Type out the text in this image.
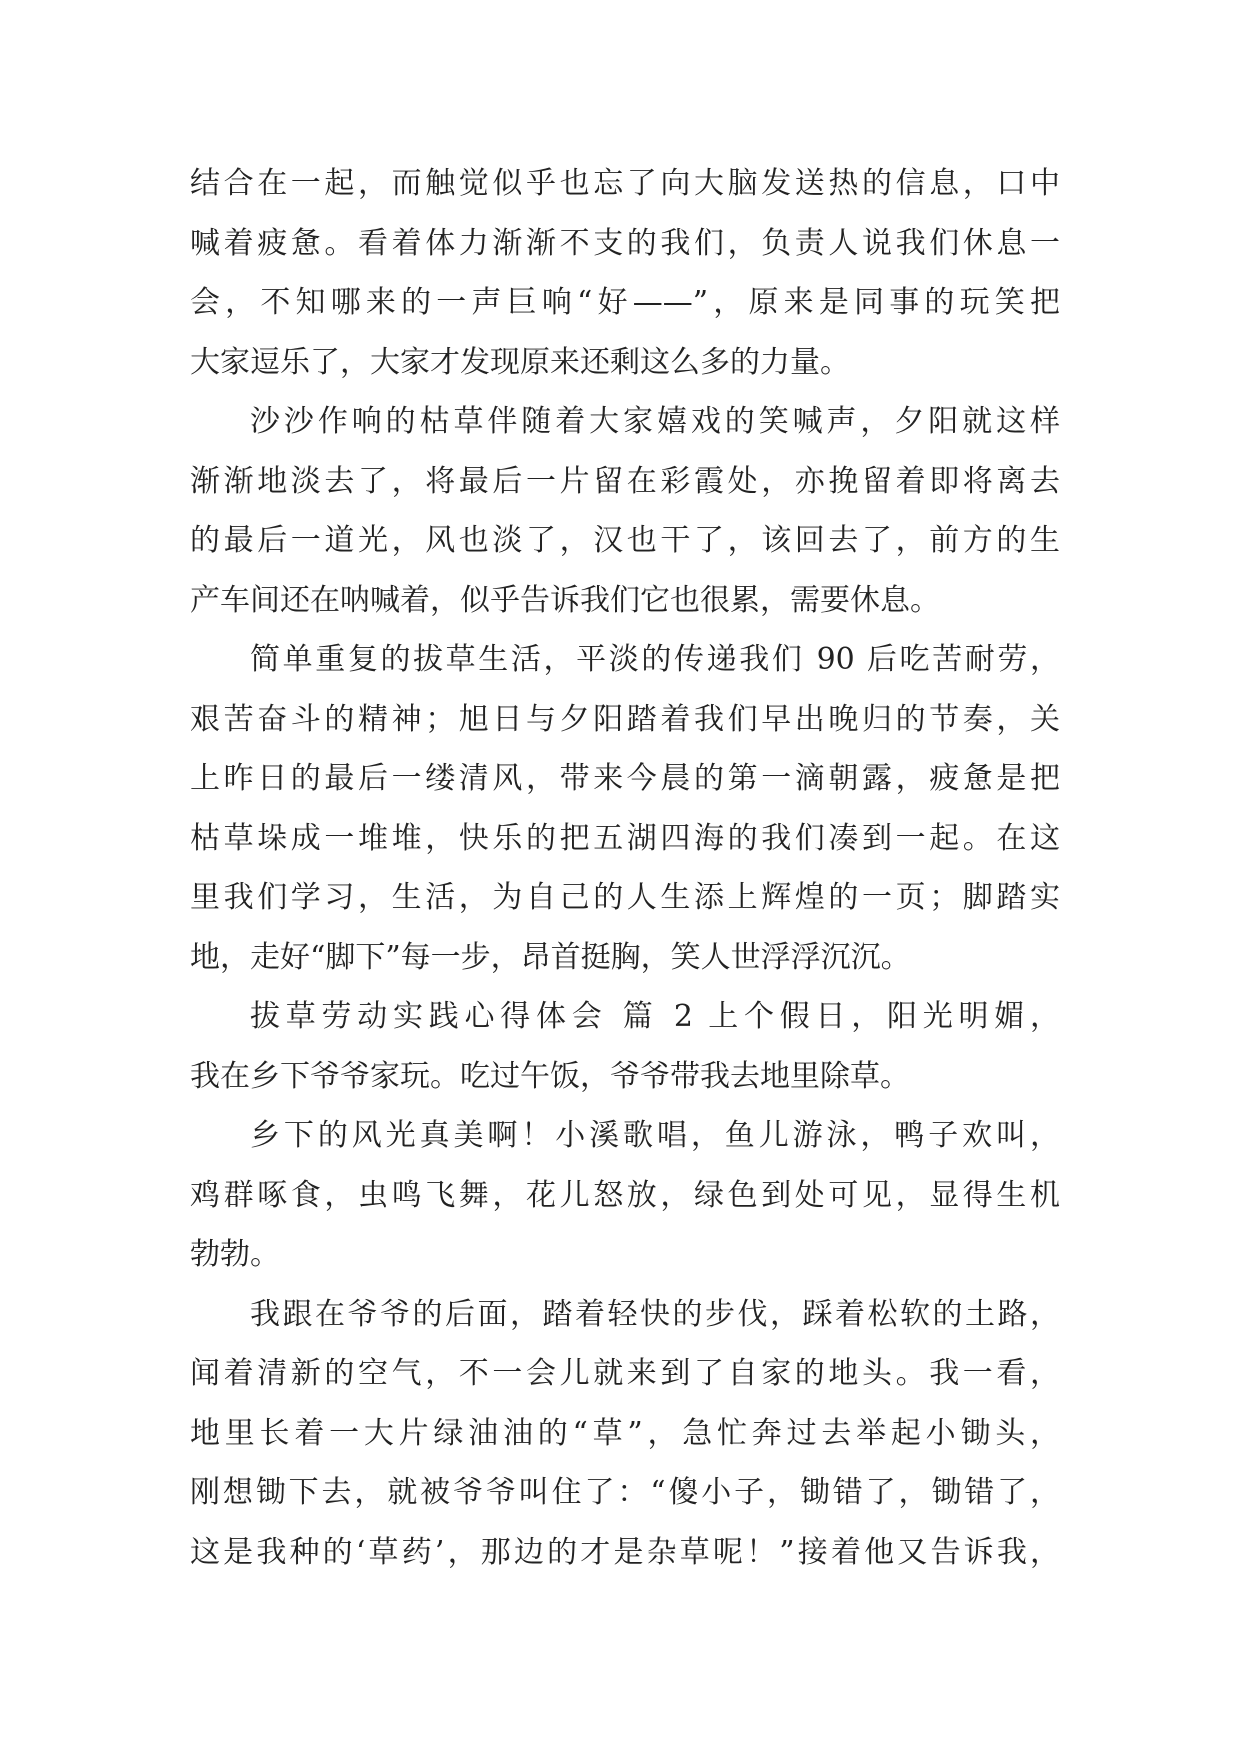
结合在一起，而触觉似乎也忘了向大脑发送热的信息，口中
喊着疲惫。看着体力渐渐不支的我们，负责人说我们休息一
会，不知哪来的一声巨响“好——”，原来是同事的玩笑把
大家逗乐了，大家才发现原来还剩这么多的力量。
沙沙作响的枯草伴随着大家嬉戏的笑喊声，夕阳就这样
渐渐地淡去了，将最后一片留在彩霞处，亦挽留着即将离去
的最后一道光，风也淡了，汉也干了，该回去了，前方的生
产车间还在呐喊着，似乎告诉我们它也很累，需要休息。
简单重复的拔草生活，平淡的传递我们 90 后吃苦耐劳，
艰苦奋斗的精神；旭日与夕阳踏着我们早出晚归的节奏，关
上昨日的最后一缕清风，带来今晨的第一滴朝露，疲惫是把
枯草垛成一堆堆，快乐的把五湖四海的我们凑到一起。在这
里我们学习，生活，为自己的人生添上辉煌的一页；脚踏实
地，走好“脚下”每一步，昂首挺胸，笑人世浮浮沉沉。
拔草劳动实践心得体会 篇 2 上个假日，阳光明媚，
我在乡下爷爷家玩。吃过午饭，爷爷带我去地里除草。
乡下的风光真美啊！小溪歌唱，鱼儿游泳，鸭子欢叫，
鸡群啄食，虫鸣飞舞，花儿怒放，绿色到处可见，显得生机
勃勃。
我跟在爷爷的后面，踏着轻快的步伐，踩着松软的土路，
闻着清新的空气，不一会儿就来到了自家的地头。我一看，
地里长着一大片绿油油的“草”，急忙奔过去举起小锄头，
刚想锄下去，就被爷爷叫住了：“傻小子，锄错了，锄错了，
这是我种的‘草药’，那边的才是杂草呢！”接着他又告诉我，
